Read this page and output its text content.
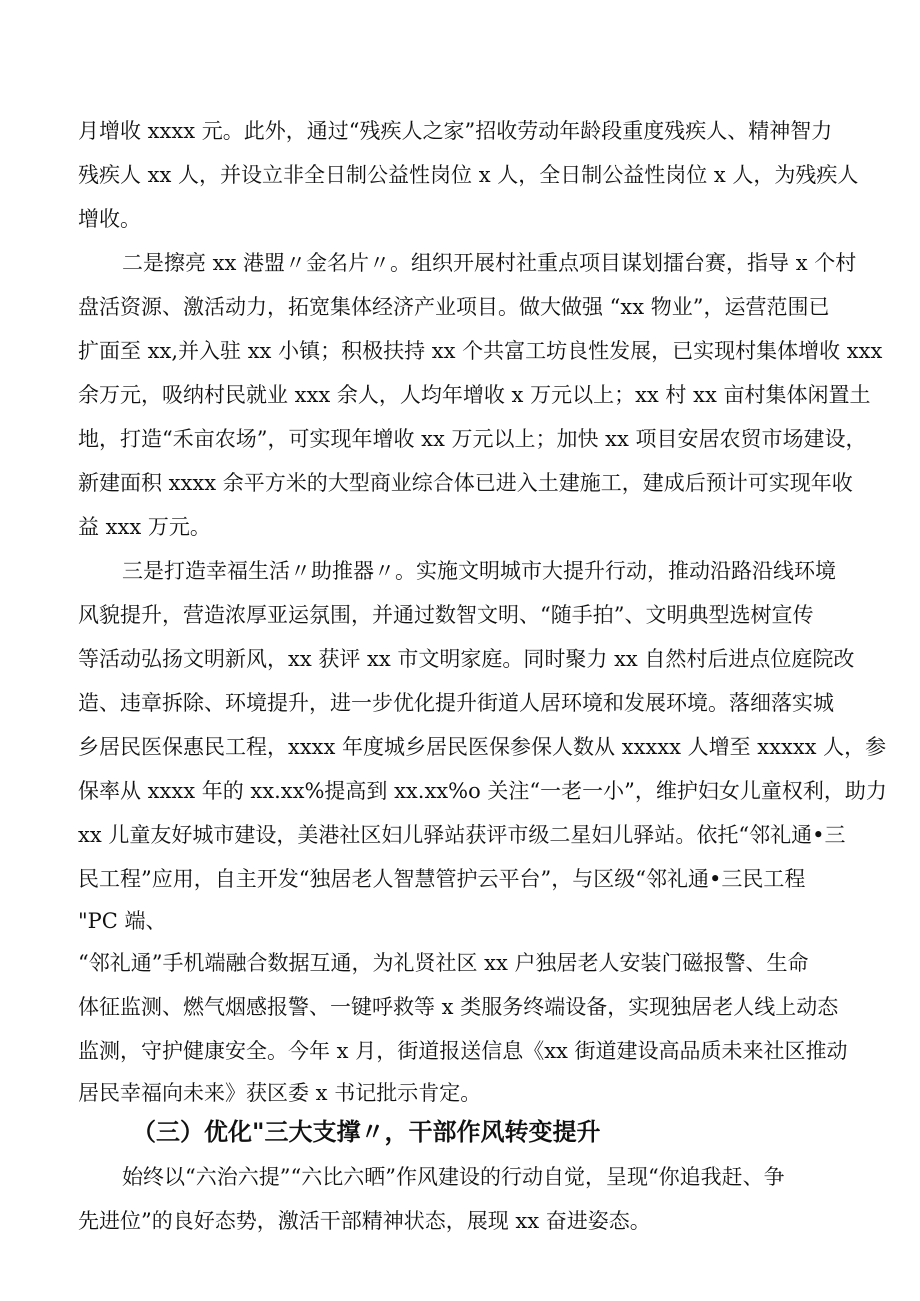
月增收 xxxx 元。此外，通过“残疾人之家”招收劳动年龄段重度残疾人、精神智力
残疾人 xx 人，并设立非全日制公益性岗位 x 人，全日制公益性岗位 x 人，为残疾人
增收。
二是擦亮 xx 港盟〃金名片〃。组织开展村社重点项目谋划擂台赛，指导 x 个村
盘活资源、激活动力，拓宽集体经济产业项目。做大做强 “xx 物业”，运营范围已
扩面至 xx,并入驻 xx 小镇；积极扶持 xx 个共富工坊良性发展，已实现村集体增收 xxx
余万元，吸纳村民就业 xxx 余人，人均年增收 x 万元以上；xx 村 xx 亩村集体闲置土
地，打造“禾亩农场”，可实现年增收 xx 万元以上；加快 xx 项目安居农贸市场建设，
新建面积 xxxx 余平方米的大型商业综合体已进入土建施工，建成后预计可实现年收
益 xxx 万元。
三是打造幸福生活〃助推器〃。实施文明城市大提升行动，推动沿路沿线环境
风貌提升，营造浓厚亚运氛围，并通过数智文明、“随手拍”、文明典型选树宣传
等活动弘扬文明新风，xx 获评 xx 市文明家庭。同时聚力 xx 自然村后进点位庭院改
造、违章拆除、环境提升，进一步优化提升街道人居环境和发展环境。落细落实城
乡居民医保惠民工程，xxxx 年度城乡居民医保参保人数从 xxxxx 人增至 xxxxx 人，参
保率从 xxxx 年的 xx.xx%提高到 xx.xx%o 关注“一老一小”，维护妇女儿童权利，助力
xx 儿童友好城市建设，美港社区妇儿驿站获评市级二星妇儿驿站。依托“邻礼通•三
民工程”应用，自主开发“独居老人智慧管护云平台”，与区级“邻礼通•三民工程
"PC 端、
“邻礼通”手机端融合数据互通，为礼贤社区 xx 户独居老人安装门磁报警、生命
体征监测、燃气烟感报警、一键呼救等 x 类服务终端设备，实现独居老人线上动态
监测，守护健康安全。今年 x 月，街道报送信息《xx 街道建设高品质未来社区推动
居民幸福向未来》获区委 x 书记批示肯定。
（三）优化"三大支撑〃，干部作风转变提升
始终以“六治六提”“六比六晒”作风建设的行动自觉，呈现“你追我赶、争
先进位”的良好态势，激活干部精神状态，展现 xx 奋进姿态。
